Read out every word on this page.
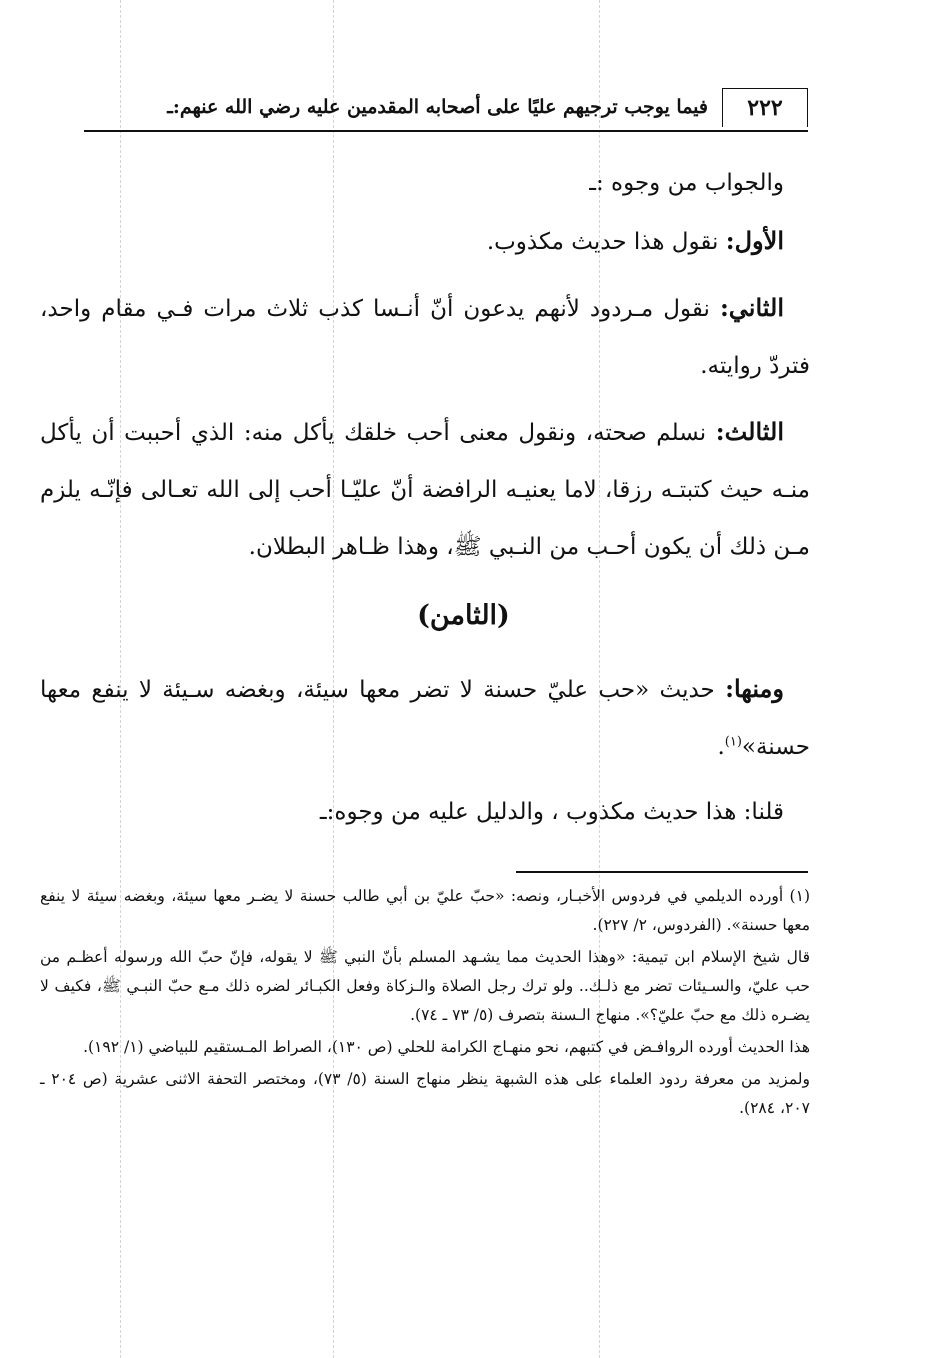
٢٢٢
فيما يوجب ترجيهم عليًا على أصحابه المقدمين عليه رضي الله عنهم:ـ

والجواب من وجوه :ـ

الأول: نقول هذا حديث مكذوب.

الثاني: نقول مـردود لأنهم يدعون أنّ أنـسا كذب ثلاث مرات فـي مقام واحد، فتردّ روايته.

الثالث: نسلم صحته، ونقول معنى أحب خلقك يأكل منه: الذي أحببت أن يأكل منـه حيث كتبتـه رزقا، لاما يعنيـه الرافضة أنّ عليّـا أحب إلى الله تعـالى فإنّـه يلزم مـن ذلك أن يكون أحـب من النـبي ﷺ، وهذا ظـاهر البطلان.

(الثامن)

ومنها: حديث «حب عليّ حسنة لا تضر معها سيئة، وبغضه سـيئة لا ينفع معها حسنة»$^{(١)}$.

قلنا: هذا حديث مكذوب ، والدليل عليه من وجوه:ـ

(١) أورده الديلمي في فردوس الأخبـار، ونصه: «حبّ عليّ بن أبي طالب حسنة لا يضـر معها سيئة، وبغضه سيئة لا ينفع معها حسنة». (الفردوس، ٢/ ٢٢٧).

قال شيخ الإسلام ابن تيمية: «وهذا الحديث مما يشـهد المسلم بأنّ النبي ﷺ لا يقوله، فإنّ حبّ الله ورسوله أعظـم من حب عليّ، والسـيئات تضر مع ذلـك.. ولو ترك رجل الصلاة والـزكاة وفعل الكبـائر لضره ذلك مـع حبّ النبـي ﷺ، فكيف لا يضـره ذلك مع حبّ عليّ؟». منهاج الـسنة بتصرف (٥/ ٧٣ ـ ٧٤).

هذا الحديث أورده الروافـض في كتبهم، نحو منهـاج الكرامة للحلي (ص ١٣٠)، الصراط المـستقيم للبياضي (١/ ١٩٢).

ولمزيد من معرفة ردود العلماء على هذه الشبهة ينظر منهاج السنة (٥/ ٧٣)، ومختصر التحفة الاثنى عشرية (ص ٢٠٤ ـ ٢٠٧، ٢٨٤).
